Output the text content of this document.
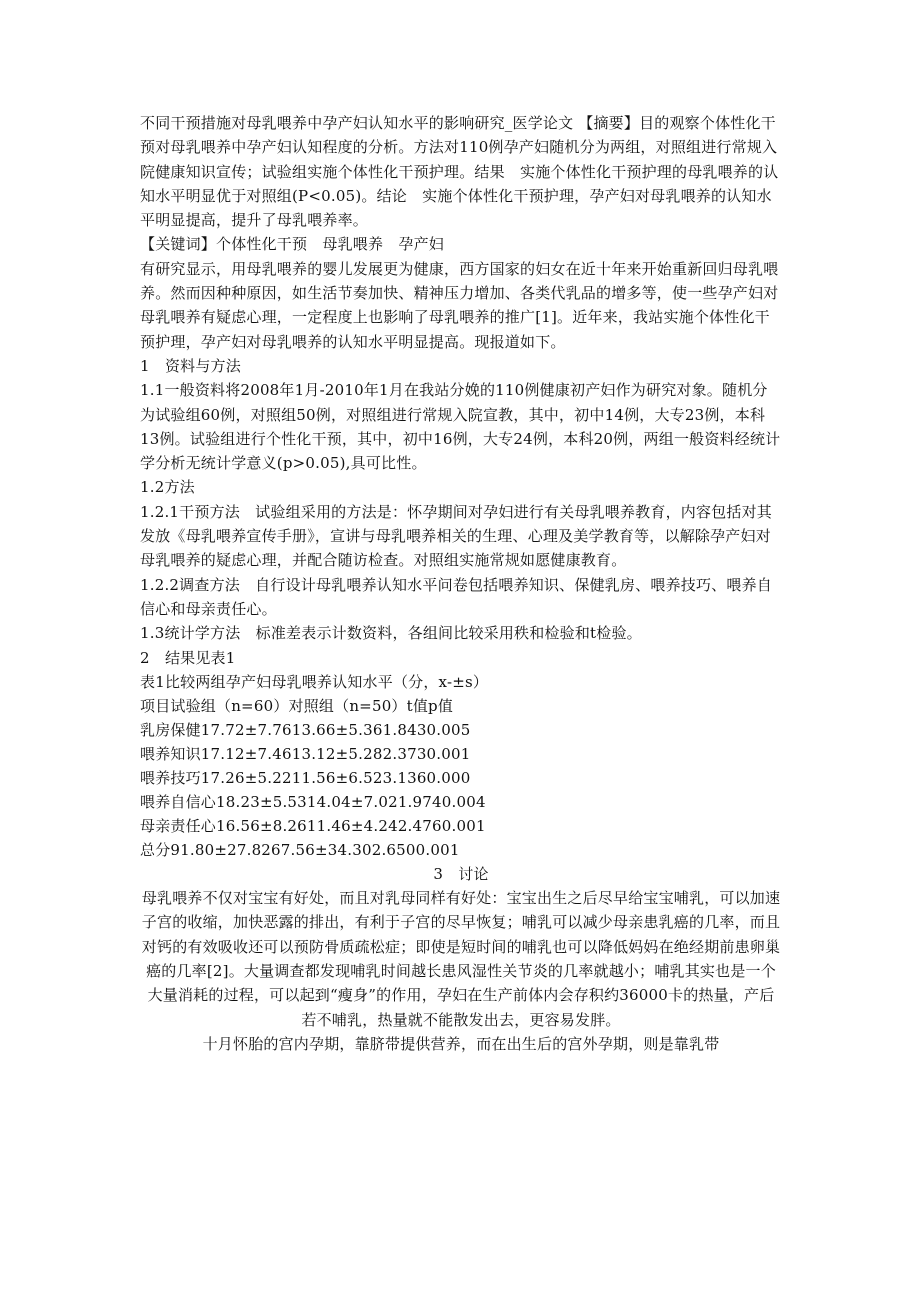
不同干预措施对母乳喂养中孕产妇认知水平的影响研究_医学论文 【摘要】目的观察个体性化干预对母乳喂养中孕产妇认知程度的分析。方法对110例孕产妇随机分为两组，对照组进行常规入院健康知识宣传；试验组实施个体性化干预护理。结果　实施个体性化干预护理的母乳喂养的认知水平明显优于对照组(P<0.05)。结论　实施个体性化干预护理，孕产妇对母乳喂养的认知水平明显提高，提升了母乳喂养率。

【关键词】个体性化干预　母乳喂养　孕产妇

有研究显示，用母乳喂养的婴儿发展更为健康，西方国家的妇女在近十年来开始重新回归母乳喂养。然而因种种原因，如生活节奏加快、精神压力增加、各类代乳品的增多等，使一些孕产妇对母乳喂养有疑虑心理，一定程度上也影响了母乳喂养的推广[1]。近年来，我站实施个体性化干预护理，孕产妇对母乳喂养的认知水平明显提高。现报道如下。

1　资料与方法

1.1一般资料将2008年1月-2010年1月在我站分娩的110例健康初产妇作为研究对象。随机分为试验组60例，对照组50例，对照组进行常规入院宣教，其中，初中14例，大专23例，本科13例。试验组进行个性化干预，其中，初中16例，大专24例，本科20例，两组一般资料经统计学分析无统计学意义(p>0.05),具可比性。

1.2方法

1.2.1干预方法　试验组采用的方法是：怀孕期间对孕妇进行有关母乳喂养教育，内容包括对其发放《母乳喂养宣传手册》，宣讲与母乳喂养相关的生理、心理及美学教育等，以解除孕产妇对母乳喂养的疑虑心理，并配合随访检查。对照组实施常规如愿健康教育。

1.2.2调查方法　自行设计母乳喂养认知水平问卷包括喂养知识、保健乳房、喂养技巧、喂养自信心和母亲责任心。

1.3统计学方法　标准差表示计数资料，各组间比较采用秩和检验和t检验。

2　结果见表1

表1比较两组孕产妇母乳喂养认知水平（分，x-±s）

项目试验组（n=60）对照组（n=50）t值p值

乳房保健17.72±7.7613.66±5.361.8430.005

喂养知识17.12±7.4613.12±5.282.3730.001

喂养技巧17.26±5.2211.56±6.523.1360.000

喂养自信心18.23±5.5314.04±7.021.9740.004

母亲责任心16.56±8.2611.46±4.242.4760.001

总分91.80±27.8267.56±34.302.6500.001

3　讨论

母乳喂养不仅对宝宝有好处，而且对乳母同样有好处：宝宝出生之后尽早给宝宝哺乳，可以加速子宫的收缩，加快恶露的排出，有利于子宫的尽早恢复；哺乳可以减少母亲患乳癌的几率，而且对钙的有效吸收还可以预防骨质疏松症；即使是短时间的哺乳也可以降低妈妈在绝经期前患卵巢癌的几率[2]。大量调查都发现哺乳时间越长患风湿性关节炎的几率就越小；哺乳其实也是一个大量消耗的过程，可以起到“瘦身”的作用，孕妇在生产前体内会存积约36000卡的热量，产后若不哺乳，热量就不能散发出去，更容易发胖。

十月怀胎的宫内孕期，靠脐带提供营养，而在出生后的宫外孕期，则是靠乳带
